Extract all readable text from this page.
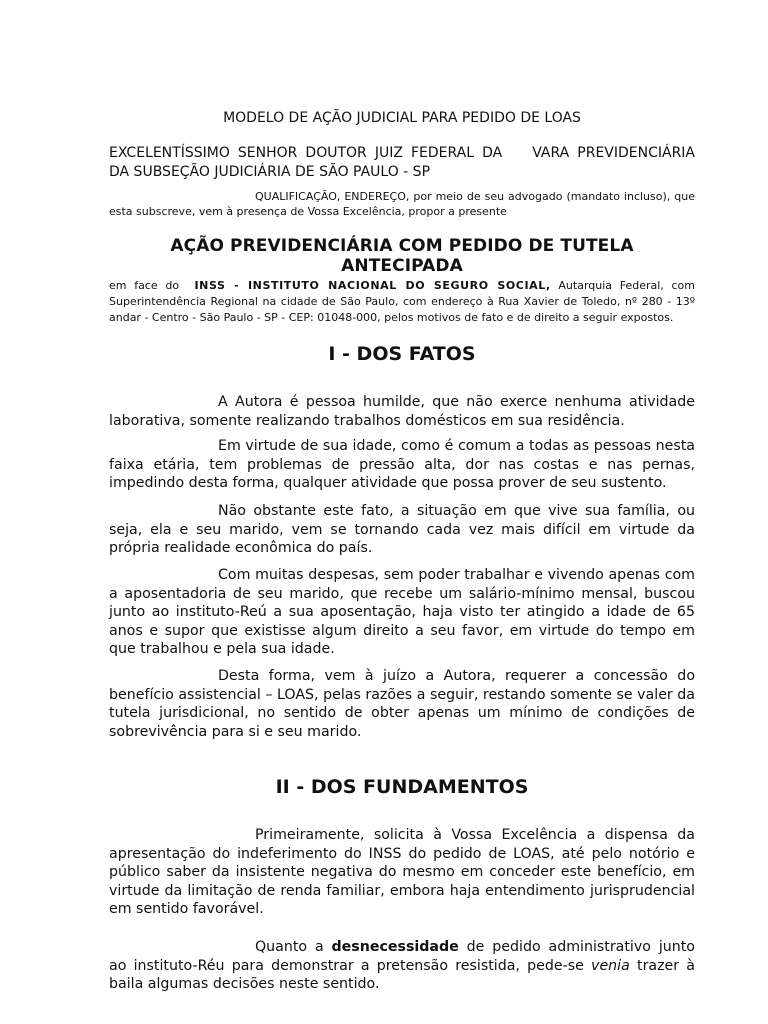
MODELO DE AÇÃO JUDICIAL PARA PEDIDO DE LOAS
EXCELENTÍSSIMO SENHOR DOUTOR JUIZ FEDERAL DA VARA PREVIDENCIÁRIA DA SUBSEÇÃO JUDICIÁRIA DE SÃO PAULO - SP
QUALIFICAÇÃO, ENDEREÇO, por meio de seu advogado (mandato incluso), que esta subscreve, vem à presença de Vossa Excelência, propor a presente
AÇÃO PREVIDENCIÁRIA COM PEDIDO DE TUTELA ANTECIPADA
em face do INSS - INSTITUTO NACIONAL DO SEGURO SOCIAL, Autarquia Federal, com Superintendência Regional na cidade de São Paulo, com endereço à Rua Xavier de Toledo, nº 280 - 13º andar - Centro - São Paulo - SP - CEP: 01048-000, pelos motivos de fato e de direito a seguir expostos.
I - DOS FATOS
A Autora é pessoa humilde, que não exerce nenhuma atividade laborativa, somente realizando trabalhos domésticos em sua residência.
Em virtude de sua idade, como é comum a todas as pessoas nesta faixa etária, tem problemas de pressão alta, dor nas costas e nas pernas, impedindo desta forma, qualquer atividade que possa prover de seu sustento.
Não obstante este fato, a situação em que vive sua família, ou seja, ela e seu marido, vem se tornando cada vez mais difícil em virtude da própria realidade econômica do país.
Com muitas despesas, sem poder trabalhar e vivendo apenas com a aposentadoria de seu marido, que recebe um salário-mínimo mensal, buscou junto ao instituto-Reú a sua aposentação, haja visto ter atingido a idade de 65 anos e supor que existisse algum direito a seu favor, em virtude do tempo em que trabalhou e pela sua idade.
Desta forma, vem à juízo a Autora, requerer a concessão do benefício assistencial – LOAS, pelas razões a seguir, restando somente se valer da tutela jurisdicional, no sentido de obter apenas um mínimo de condições de sobrevivência para si e seu marido.
II - DOS FUNDAMENTOS
Primeiramente, solicita à Vossa Excelência a dispensa da apresentação do indeferimento do INSS do pedido de LOAS, até pelo notório e público saber da insistente negativa do mesmo em conceder este benefício, em virtude da limitação de renda familiar, embora haja entendimento jurisprudencial em sentido favorável.
Quanto a desnecessidade de pedido administrativo junto ao instituto-Réu para demonstrar a pretensão resistida, pede-se venia trazer à baila algumas decisões neste sentido.
